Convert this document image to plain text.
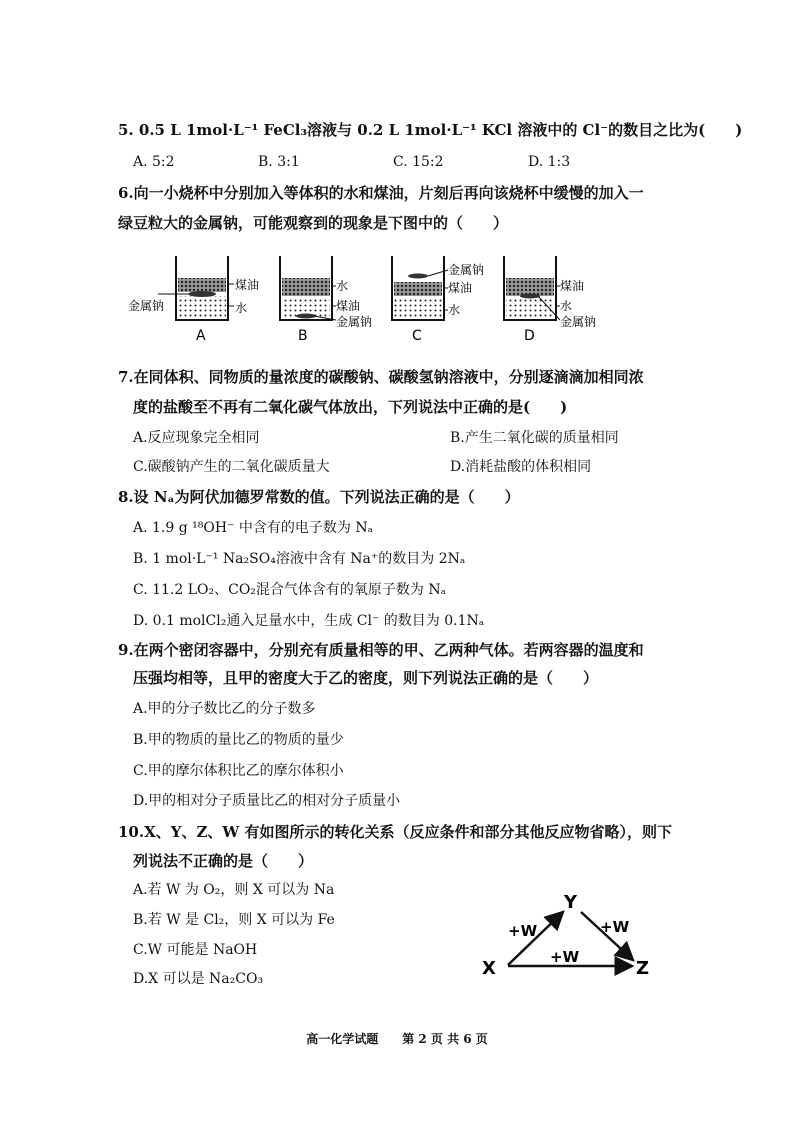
5. 0.5 L 1mol·L⁻¹ FeCl₃溶液与 0.2 L 1mol·L⁻¹ KCl 溶液中的 Cl⁻的数目之比为(　　)
A. 5:2	B. 3:1	C. 15:2	D. 1:3
6.向一小烧杯中分别加入等体积的水和煤油，片刻后再向该烧杯中缓慢的加入一
绿豆粒大的金属钠，可能观察到的现象是下图中的（　　）
煤油
金属钠	水
A
水
煤油
金属钠
B
金属钠
煤油
水
C
煤油
水
金属钠
D
7.在同体积、同物质的量浓度的碳酸钠、碳酸氢钠溶液中，分别逐滴滴加相同浓
度的盐酸至不再有二氧化碳气体放出，下列说法中正确的是(　　)
A.反应现象完全相同	B.产生二氧化碳的质量相同
C.碳酸钠产生的二氧化碳质量大	D.消耗盐酸的体积相同
8.设 Nₐ为阿伏加德罗常数的值。下列说法正确的是（　　）
A. 1.9 g ¹⁸OH⁻ 中含有的电子数为 Nₐ
B. 1 mol·L⁻¹ Na₂SO₄溶液中含有 Na⁺的数目为 2Nₐ
C. 11.2 LO₂、CO₂混合气体含有的氧原子数为 Nₐ
D. 0.1 molCl₂通入足量水中，生成 Cl⁻ 的数目为 0.1Nₐ
9.在两个密闭容器中，分别充有质量相等的甲、乙两种气体。若两容器的温度和
压强均相等，且甲的密度大于乙的密度，则下列说法正确的是（　　）
A.甲的分子数比乙的分子数多
B.甲的物质的量比乙的物质的量少
C.甲的摩尔体积比乙的摩尔体积小
D.甲的相对分子质量比乙的相对分子质量小
10.X、Y、Z、W 有如图所示的转化关系（反应条件和部分其他反应物省略），则下
列说法不正确的是（　　）
A.若 W 为 O₂，则 X 可以为 Na
B.若 W 是 Cl₂，则 X 可以为 Fe
C.W 可能是 NaOH
D.X 可以是 Na₂CO₃	X
Y
Z
+W	+W
+W
高一化学试题　　第 2 页 共 6 页
